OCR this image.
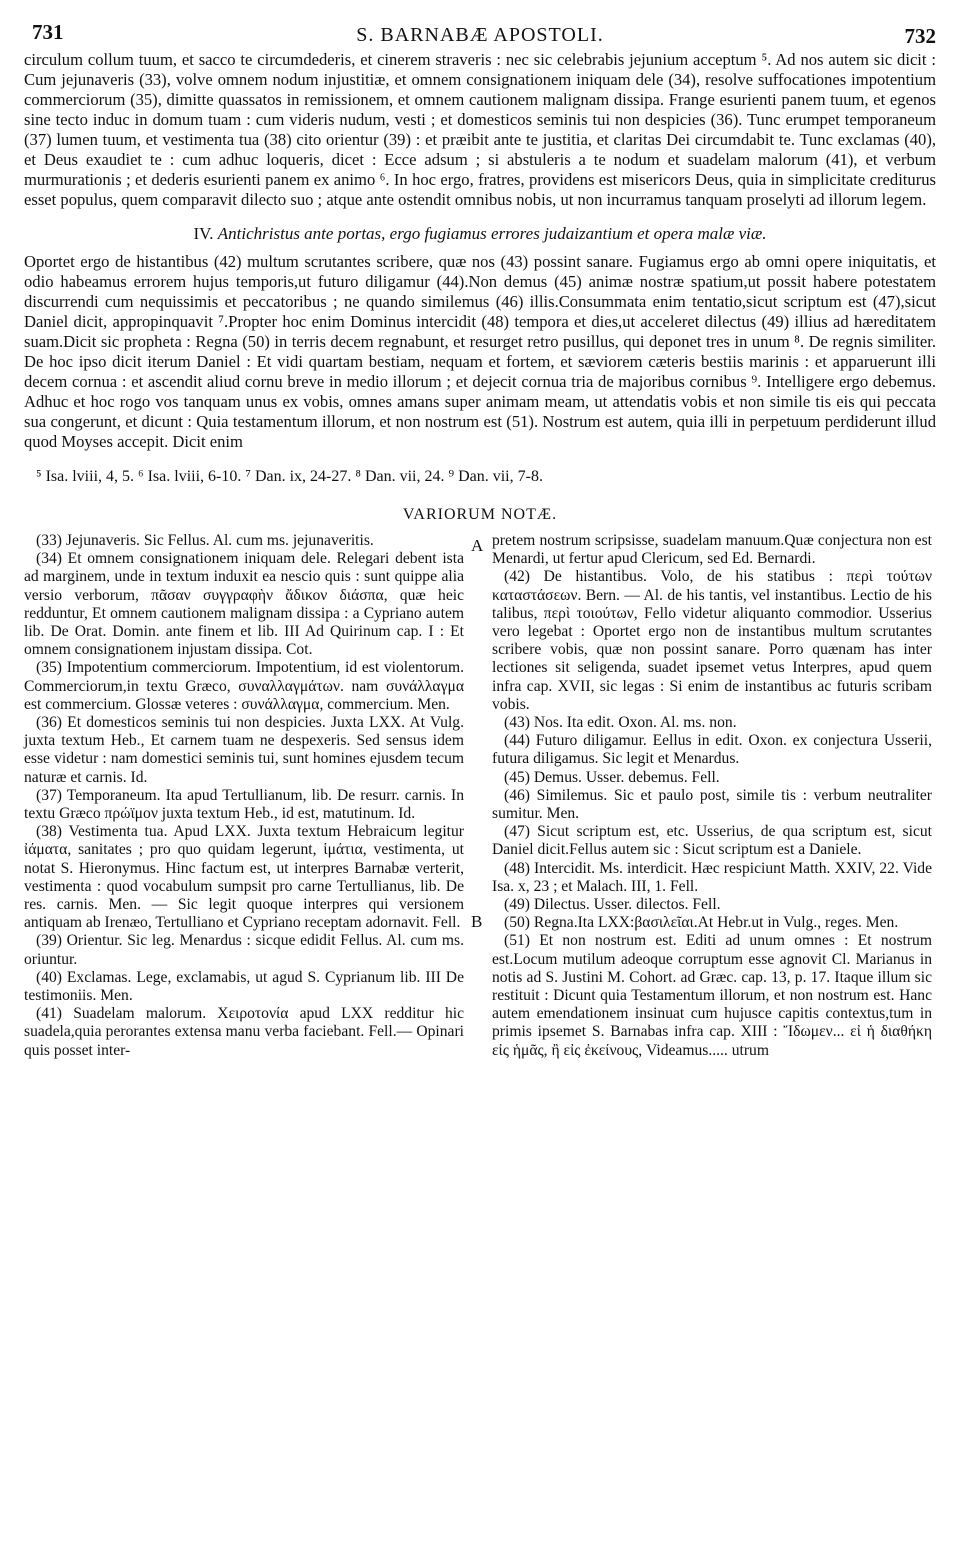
731	S. BARNABÆ APOSTOLI.	732

circulum collum tuum, et sacco te circumdederis, et cinerem straveris : nec sic celebrabis jejunium acceptum ⁵. Ad nos autem sic dicit : Cum jejunaveris (33), volve omnem nodum injustitiæ, et omnem consignationem iniquam dele (34), resolve suffocationes impotentium commerciorum (35), dimitte quassatos in remissionem, et omnem cautionem malignam dissipa. Frange esurienti panem tuum, et egenos sine tecto induc in domum tuam : cum videris nudum, vesti ; et domesticos seminis tui non despicies (36). Tunc erumpet temporaneum (37) lumen tuum, et vestimenta tua (38) cito orientur (39) : et præibit ante te justitia, et claritas Dei circumdabit te. Tunc exclamas (40), et Deus exaudiet te : cum adhuc loqueris, dicet : Ecce adsum ; si abstuleris a te nodum et suadelam malorum (41), et verbum murmurationis ; et dederis esurienti panem ex animo ⁶. In hoc ergo, fratres, providens est misericors Deus, quia in simplicitate crediturus esset populus, quem comparavit dilecto suo ; atque ante ostendit omnibus nobis, ut non incurramus tanquam proselyti ad illorum legem.

IV. Antichristus ante portas, ergo fugiamus errores judaizantium et opera malæ viæ.

Oportet ergo de histantibus (42) multum scrutantes scribere, quæ nos (43) possint sanare. Fugiamus ergo ab omni opere iniquitatis, et odio habeamus errorem hujus temporis,ut futuro diligamur (44).Non demus (45) animæ nostræ spatium,ut possit habere potestatem discurrendi cum nequissimis et peccatoribus ; ne quando similemus (46) illis.Consummata enim tentatio,sicut scriptum est (47),sicut Daniel dicit, appropinquavit ⁷.Propter hoc enim Dominus intercidit (48) tempora et dies,ut acceleret dilectus (49) illius ad hæreditatem suam.Dicit sic propheta : Regna (50) in terris decem regnabunt, et resurget retro pusillus, qui deponet tres in unum ⁸. De regnis similiter. De hoc ipso dicit iterum Daniel : Et vidi quartam bestiam, nequam et fortem, et sæviorem cæteris bestiis marinis : et apparuerunt illi decem cornua : et ascendit aliud cornu breve in medio illorum ; et dejecit cornua tria de majoribus cornibus ⁹. Intelligere ergo debemus. Adhuc et hoc rogo vos tanquam unus ex vobis, omnes amans super animam meam, ut attendatis vobis et non simile tis eis qui peccata sua congerunt, et dicunt : Quia testamentum illorum, et non nostrum est (51). Nostrum est autem, quia illi in perpetuum perdiderunt illud quod Moyses accepit. Dicit enim

⁵ Isa. lviii, 4, 5. ⁶ Isa. lviii, 6-10. ⁷ Dan. ix, 24-27. ⁸ Dan. vii, 24. ⁹ Dan. vii, 7-8.
VARIORUM NOTÆ.

(33) Jejunaveris. Sic Fellus. Al. cum ms. jejunaveritis.

(34) Et omnem consignationem iniquam dele. Relegari debent ista ad marginem, unde in textum induxit ea nescio quis : sunt quippe alia versio verborum, πᾶσαν συγγραφὴν ἄδικον διάσπα, quæ heic redduntur, Et omnem cautionem malignam dissipa : a Cypriano autem lib. De Orat. Domin. ante finem et lib. III Ad Quirinum cap. I : Et omnem consignationem injustam dissipa. Cot.

(35) Impotentium commerciorum. Impotentium, id est violentorum. Commerciorum,in textu Græco, συναλλαγμάτων. nam συνάλλαγμα est commercium. Glossæ veteres : συνάλλαγμα, commercium. Men.

(36) Et domesticos seminis tui non despicies. Juxta LXX. At Vulg. juxta textum Heb., Et carnem tuam ne despexeris. Sed sensus idem esse videtur : nam domestici seminis tui, sunt homines ejusdem tecum naturæ et carnis. Id.

(37) Temporaneum. Ita apud Tertullianum, lib. De resurr. carnis. In textu Græco πρώϊμον juxta textum Heb., id est, matutinum. Id.

(38) Vestimenta tua. Apud LXX. Juxta textum Hebraicum legitur ἰάματα, sanitates ; pro quo quidam legerunt, ἱμάτια, vestimenta, ut notat S. Hieronymus. Hinc factum est, ut interpres Barnabæ verterit, vestimenta : quod vocabulum sumpsit pro carne Tertullianus, lib. De res. carnis. Men. — Sic legit quoque interpres qui versionem antiquam ab Irenæo, Tertulliano et Cypriano receptam adornavit. Fell.

(39) Orientur. Sic leg. Menardus : sicque edidit Fellus. Al. cum ms. oriuntur.

(40) Exclamas. Lege, exclamabis, ut agud S. Cyprianum lib. III De testimoniis. Men.

(41) Suadelam malorum. Χειροτονία apud LXX redditur hic suadela,quia perorantes extensa manu verba faciebant. Fell.— Opinari quis posset inter-

A
B

pretem nostrum scripsisse, suadelam manuum.Quæ conjectura non est Menardi, ut fertur apud Clericum, sed Ed. Bernardi.

(42) De histantibus. Volo, de his statibus : περὶ τούτων καταστάσεων. Bern. — Al. de his tantis, vel instantibus. Lectio de his talibus, περὶ τοιούτων, Fello videtur aliquanto commodior. Usserius vero legebat : Oportet ergo non de instantibus multum scrutantes scribere vobis, quæ non possint sanare. Porro quænam has inter lectiones sit seligenda, suadet ipsemet vetus Interpres, apud quem infra cap. XVII, sic legas : Si enim de instantibus ac futuris scribam vobis.

(43) Nos. Ita edit. Oxon. Al. ms. non.

(44) Futuro diligamur. Eellus in edit. Oxon. ex conjectura Usserii, futura diligamus. Sic legit et Menardus.

(45) Demus. Usser. debemus. Fell.

(46) Similemus. Sic et paulo post, simile tis : verbum neutraliter sumitur. Men.

(47) Sicut scriptum est, etc. Usserius, de qua scriptum est, sicut Daniel dicit.Fellus autem sic : Sicut scriptum est a Daniele.

(48) Intercidit. Ms. interdicit. Hæc respiciunt Matth. XXIV, 22. Vide Isa. x, 23 ; et Malach. III, 1. Fell.

(49) Dilectus. Usser. dilectos. Fell.

(50) Regna.Ita LXX:βασιλεῖαι.At Hebr.ut in Vulg., reges. Men.

(51) Et non nostrum est. Editi ad unum omnes : Et nostrum est.Locum mutilum adeoque corruptum esse agnovit Cl. Marianus in notis ad S. Justini M. Cohort. ad Græc. cap. 13, p. 17. Itaque illum sic restituit : Dicunt quia Testamentum illorum, et non nostrum est. Hanc autem emendationem insinuat cum hujusce capitis contextus,tum in primis ipsemet S. Barnabas infra cap. XIII : Ἴδωμεν... εἰ ἡ διαθήκη εἰς ἡμᾶς, ἢ εἰς ἐκείνους, Videamus..... utrum
